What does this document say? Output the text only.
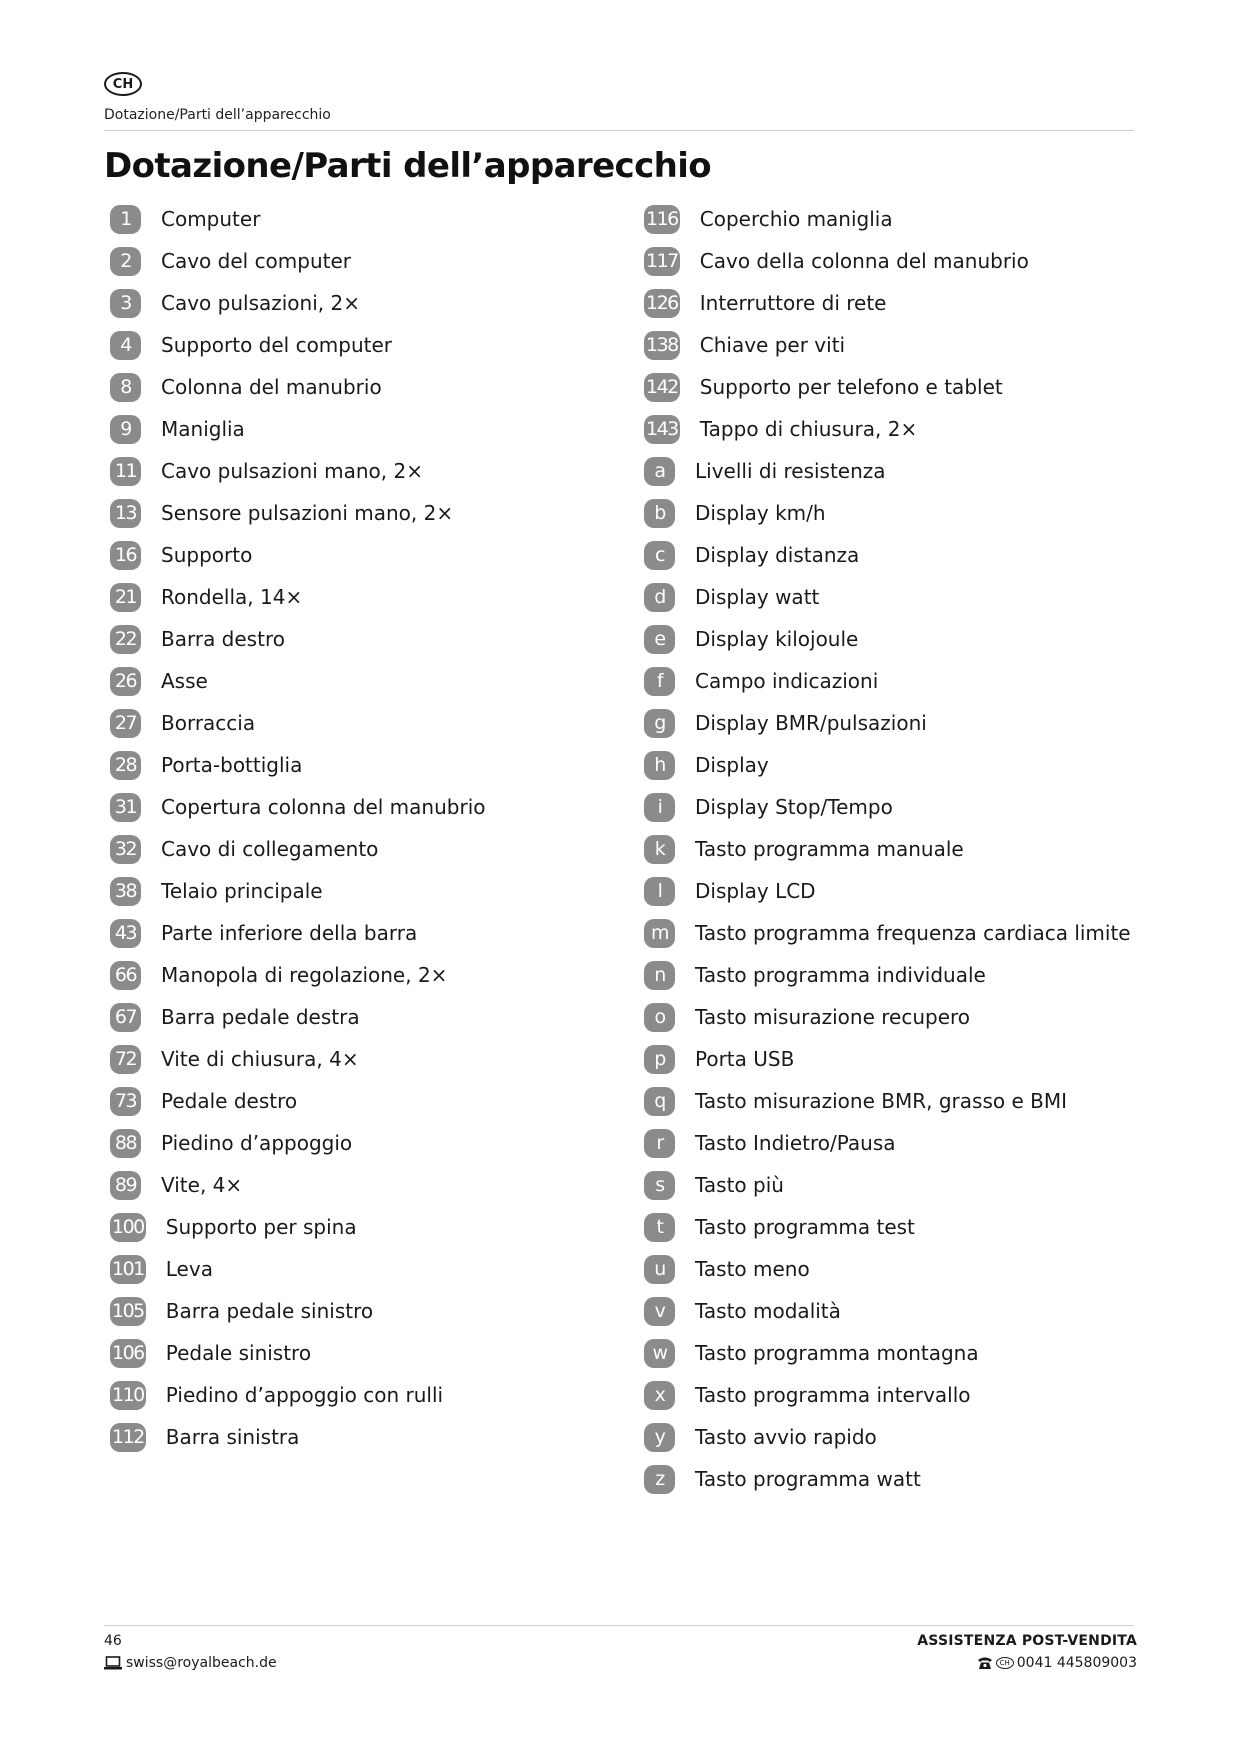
CH
Dotazione/Parti dell’apparecchio
Dotazione/Parti dell’apparecchio
1	Computer
2	Cavo del computer
3	Cavo pulsazioni, 2×
4	Supporto del computer
8	Colonna del manubrio
9	Maniglia
11 Cavo pulsazioni mano, 2×
13 Sensore pulsazioni mano, 2×
16 Supporto
21 Rondella, 14×
22 Barra destro
26 Asse
27 Borraccia
28 Porta-bottiglia
31 Copertura colonna del manubrio
32 Cavo di collegamento
38 Telaio principale
43 Parte inferiore della barra
66 Manopola di regolazione, 2×
67 Barra pedale destra
72 Vite di chiusura, 4×
73 Pedale destro
88 Piedino d’appoggio
89 Vite, 4×
100 Supporto per spina
101 Leva
105 Barra pedale sinistro
106 Pedale sinistro
110 Piedino d’appoggio con rulli
112 Barra sinistra
116 Coperchio maniglia
117 Cavo della colonna del manubrio
126 Interruttore di rete
138 Chiave per viti
142 Supporto per telefono e tablet
143 Tappo di chiusura, 2×
a	Livelli di resistenza
b	Display km/h
c	Display distanza
d	Display watt
e	Display kilojoule
f	Campo indicazioni
g	Display BMR/pulsazioni
h	Display
i	Display Stop/Tempo
k	Tasto programma manuale
l	Display LCD
m	Tasto programma frequenza cardiaca limite
n	Tasto programma individuale
o	Tasto misurazione recupero
p	Porta USB
q	Tasto misurazione BMR, grasso e BMI
r	Tasto Indietro/Pausa
s	Tasto più
t	Tasto programma test
u	Tasto meno
v	Tasto modalità
w	Tasto programma montagna
x	Tasto programma intervallo
y	Tasto avvio rapido
z	Tasto programma watt
46
swiss@royalbeach.de
ASSISTENZA POST-VENDITA
CH 0041 445809003
